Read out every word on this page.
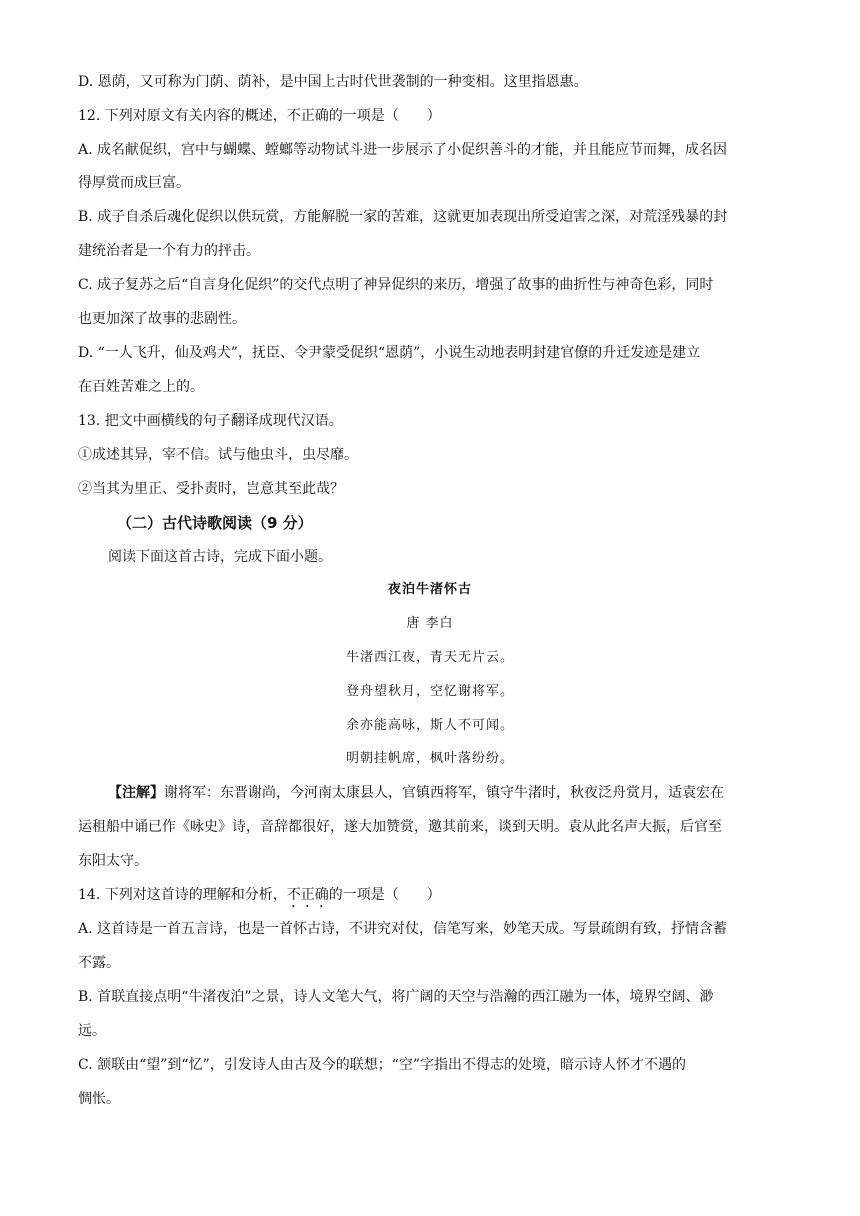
D. 恩荫，又可称为门荫、荫补，是中国上古时代世袭制的一种变相。这里指恩惠。
12. 下列对原文有关内容的概述，不正确的一项是（　　）
A. 成名献促织，宫中与蝴蝶、螳螂等动物试斗进一步展示了小促织善斗的才能，并且能应节而舞，成名因
得厚赏而成巨富。
B. 成子自杀后魂化促织以供玩赏，方能解脱一家的苦难，这就更加表现出所受迫害之深，对荒淫残暴的封
建统治者是一个有力的抨击。
C. 成子复苏之后“自言身化促织”的交代点明了神异促织的来历，增强了故事的曲折性与神奇色彩，同时
也更加深了故事的悲剧性。
D. “一人飞升，仙及鸡犬”，抚臣、令尹蒙受促织“恩荫”，小说生动地表明封建官僚的升迁发迹是建立
在百姓苦难之上的。
13. 把文中画横线的句子翻译成现代汉语。
①成述其异，宰不信。试与他虫斗，虫尽靡。
②当其为里正、受扑责时，岂意其至此哉？
（二）古代诗歌阅读（9 分）
阅读下面这首古诗，完成下面小题。
夜泊牛渚怀古
唐 李白
牛渚西江夜，青天无片云。
登舟望秋月，空忆谢将军。
余亦能高咏，斯人不可闻。
明朝挂帆席，枫叶落纷纷。
【注解】谢将军：东晋谢尚，今河南太康县人，官镇西将军，镇守牛渚时，秋夜泛舟赏月，适袁宏在
运租船中诵已作《咏史》诗，音辞都很好，遂大加赞赏，邀其前来，谈到天明。袁从此名声大振，后官至
东阳太守。
14. 下列对这首诗的理解和分析，不正确的一项是（　　）
A. 这首诗是一首五言诗，也是一首怀古诗，不讲究对仗，信笔写来，妙笔天成。写景疏朗有致，抒情含蓄
不露。
B. 首联直接点明“牛渚夜泊”之景，诗人文笔大气，将广阔的天空与浩瀚的西江融为一体，境界空阔、渺
远。
C. 颔联由“望”到“忆”，引发诗人由古及今的联想；“空”字指出不得志的处境，暗示诗人怀才不遇的
惆怅。
